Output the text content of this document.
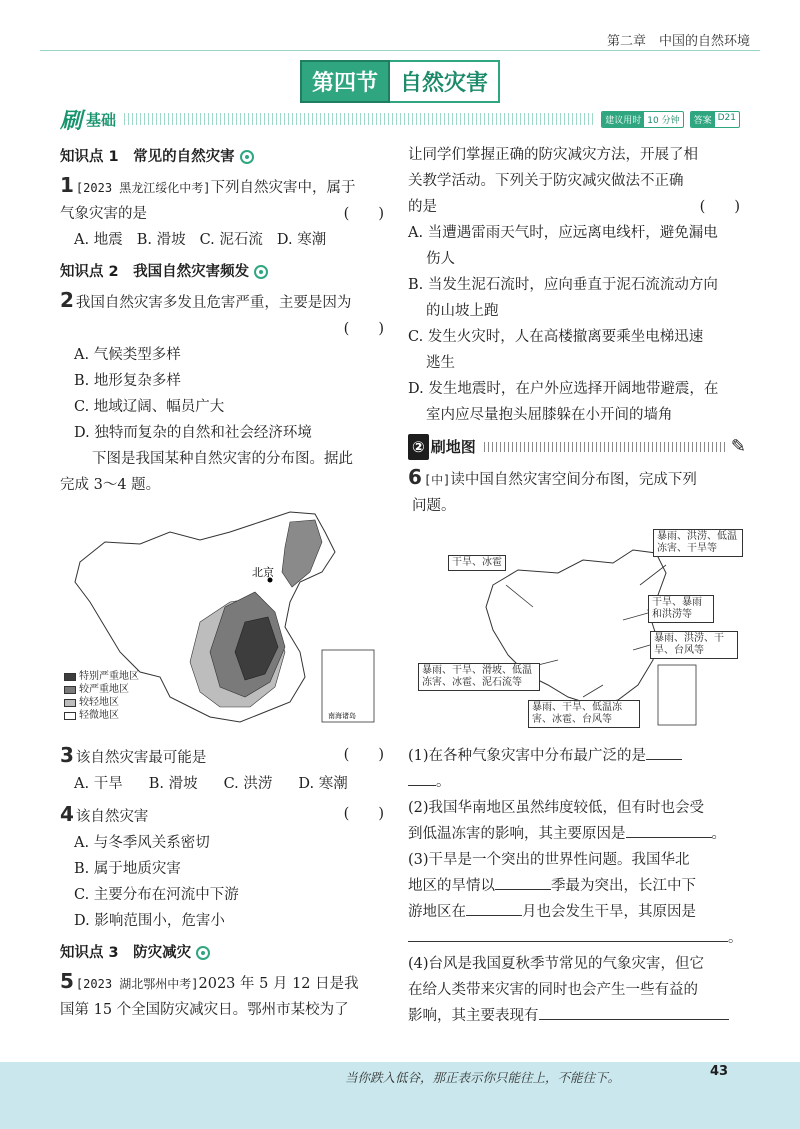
第二章　中国的自然环境
第四节	自然灾害
刷 基础	建议用时 10 分钟	答案 D21
知识点 1　常见的自然灾害
1 [2023 黑龙江绥化中考]下列自然灾害中，属于
气象灾害的是	(　　)
A. 地震 B. 滑坡 C. 泥石流 D. 寒潮
知识点 2　我国自然灾害频发
2 我国自然灾害多发且危害严重，主要是因为
(　　)
A. 气候类型多样
B. 地形复杂多样
C. 地域辽阔、幅员广大
D. 独特而复杂的自然和社会经济环境
下图是我国某种自然灾害的分布图。据此
完成 3～4 题。
北京
南海诸岛
特别严重地区
较严重地区
较轻地区
轻微地区
3 该自然灾害最可能是	(　　)
A. 干旱 B. 滑坡 C. 洪涝 D. 寒潮
4 该自然灾害	(　　)
A. 与冬季风关系密切
B. 属于地质灾害
C. 主要分布在河流中下游
D. 影响范围小，危害小
知识点 3　防灾减灾
5 [2023 湖北鄂州中考]2023 年 5 月 12 日是我
国第 15 个全国防灾减灾日。鄂州市某校为了
让同学们掌握正确的防灾减灾方法，开展了相
关教学活动。下列关于防灾减灾做法不正确
的是	(　　)
A. 当遭遇雷雨天气时，应远离电线杆，避免漏电
伤人
B. 当发生泥石流时，应向垂直于泥石流流动方向
的山坡上跑
C. 发生火灾时，人在高楼撤离要乘坐电梯迅速
逃生
D. 发生地震时，在户外应选择开阔地带避震，在
室内应尽量抱头屈膝躲在小开间的墙角
② 刷地图	✎
6 [中]读中国自然灾害空间分布图，完成下列
问题。
暴雨、洪涝、低温冻害、干旱等
干旱、冰雹
干旱、暴雨和洪涝等
暴雨、洪涝、干旱、台风等
暴雨、干旱、滑坡、低温冻害、冰雹、泥石流等
暴雨、干旱、低温冻害、冰雹、台风等
(1)在各种气象灾害中分布最广泛的是
。
(2)我国华南地区虽然纬度较低，但有时也会受
到低温冻害的影响，其主要原因是	。
(3)干旱是一个突出的世界性问题。我国华北
地区的旱情以	季最为突出，长江中下
游地区在	月也会发生干旱，其原因是
。
(4)台风是我国夏秋季节常见的气象灾害，但它
在给人类带来灾害的同时也会产生一些有益的
影响，其主要表现有
当你跌入低谷，那正表示你只能往上，不能往下。	43
